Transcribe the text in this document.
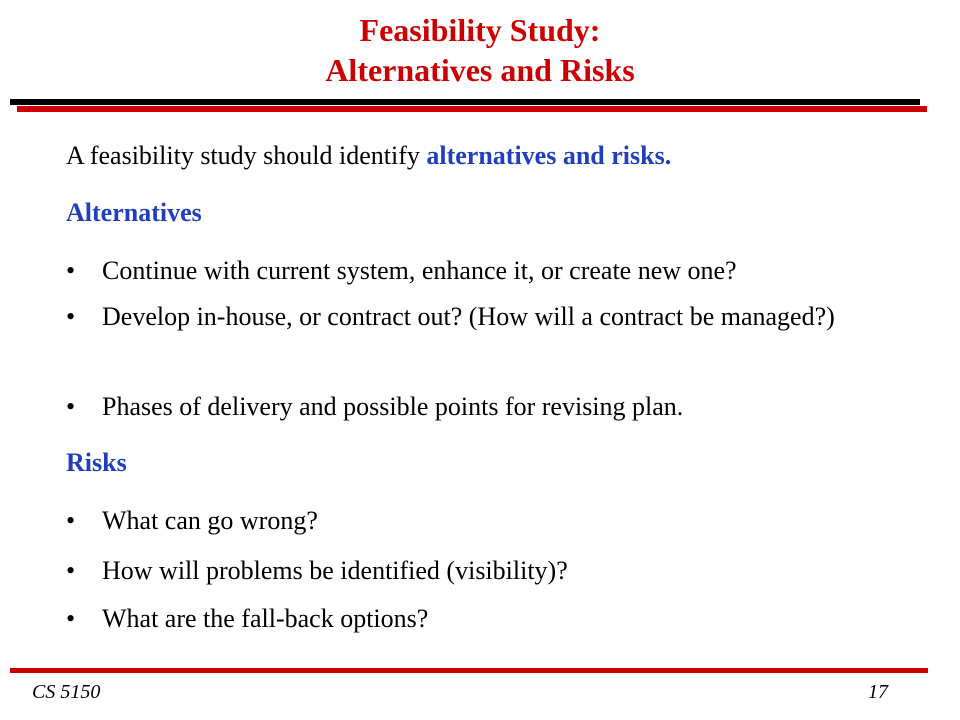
Feasibility Study:
Alternatives and Risks
A feasibility study should identify alternatives and risks.
Alternatives
• Continue with current system, enhance it, or create new one?
• Develop in-house, or contract out? (How will a contract be managed?)
• Phases of delivery and possible points for revising plan.
Risks
• What can go wrong?
• How will problems be identified (visibility)?
• What are the fall-back options?
CS 5150	17
